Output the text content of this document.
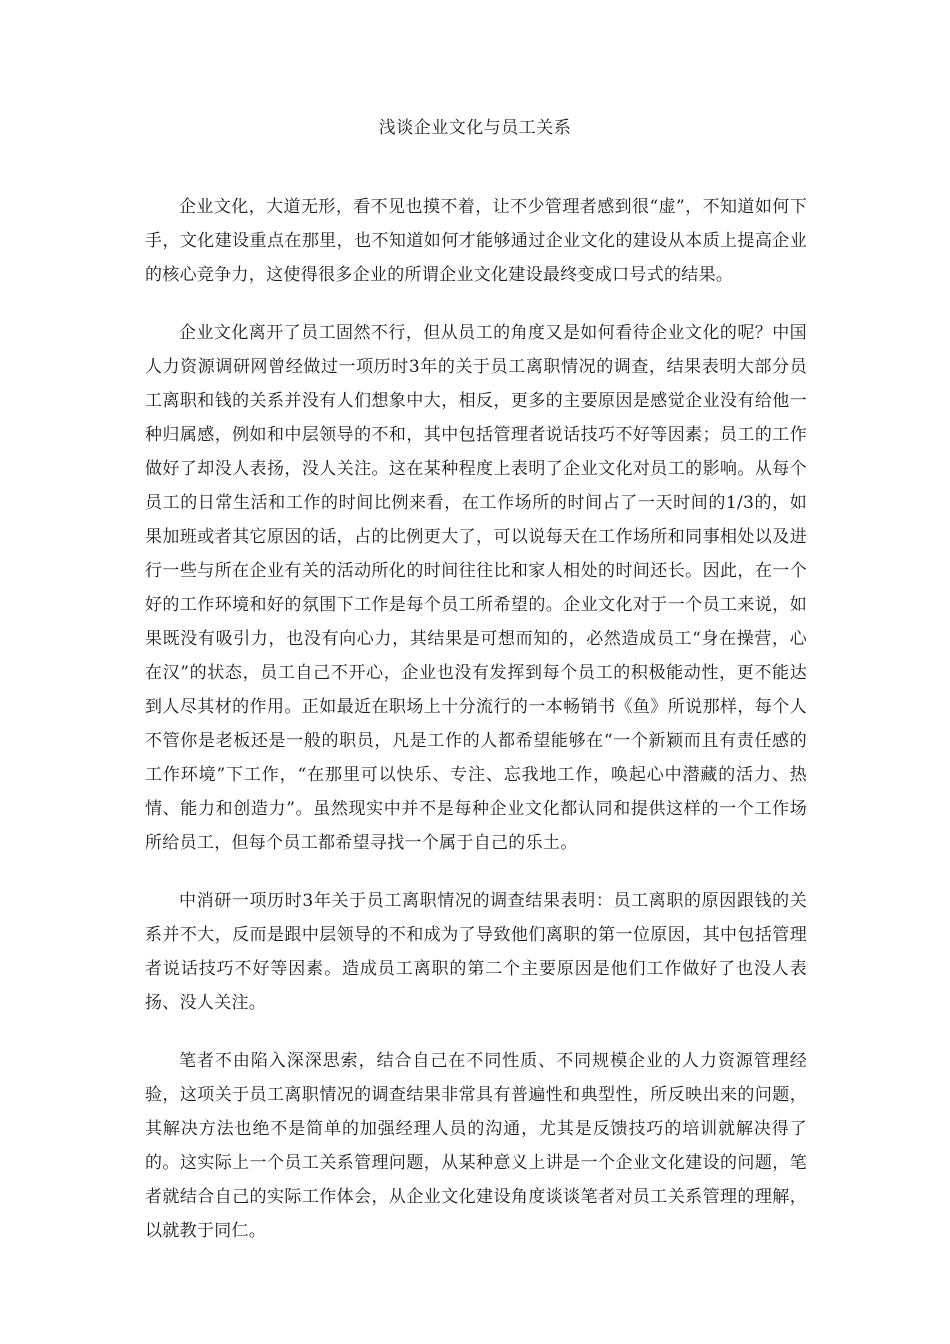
浅谈企业文化与员工关系

企业文化，大道无形，看不见也摸不着，让不少管理者感到很“虚”，不知道如何下手，文化建设重点在那里，也不知道如何才能够通过企业文化的建设从本质上提高企业的核心竞争力，这使得很多企业的所谓企业文化建设最终变成口号式的结果。

企业文化离开了员工固然不行，但从员工的角度又是如何看待企业文化的呢？中国人力资源调研网曾经做过一项历时3年的关于员工离职情况的调查，结果表明大部分员工离职和钱的关系并没有人们想象中大，相反，更多的主要原因是感觉企业没有给他一种归属感，例如和中层领导的不和，其中包括管理者说话技巧不好等因素；员工的工作做好了却没人表扬，没人关注。这在某种程度上表明了企业文化对员工的影响。从每个员工的日常生活和工作的时间比例来看，在工作场所的时间占了一天时间的1/3的，如果加班或者其它原因的话，占的比例更大了，可以说每天在工作场所和同事相处以及进行一些与所在企业有关的活动所化的时间往往比和家人相处的时间还长。因此，在一个好的工作环境和好的氛围下工作是每个员工所希望的。企业文化对于一个员工来说，如果既没有吸引力，也没有向心力，其结果是可想而知的，必然造成员工“身在操营，心在汉”的状态，员工自己不开心，企业也没有发挥到每个员工的积极能动性，更不能达到人尽其材的作用。正如最近在职场上十分流行的一本畅销书《鱼》所说那样，每个人不管你是老板还是一般的职员，凡是工作的人都希望能够在“一个新颖而且有责任感的工作环境”下工作，“在那里可以快乐、专注、忘我地工作，唤起心中潜藏的活力、热情、能力和创造力”。虽然现实中并不是每种企业文化都认同和提供这样的一个工作场所给员工，但每个员工都希望寻找一个属于自己的乐土。

中消研一项历时3年关于员工离职情况的调查结果表明：员工离职的原因跟钱的关系并不大，反而是跟中层领导的不和成为了导致他们离职的第一位原因，其中包括管理者说话技巧不好等因素。造成员工离职的第二个主要原因是他们工作做好了也没人表扬、没人关注。

笔者不由陷入深深思索，结合自己在不同性质、不同规模企业的人力资源管理经验，这项关于员工离职情况的调查结果非常具有普遍性和典型性，所反映出来的问题，其解决方法也绝不是简单的加强经理人员的沟通，尤其是反馈技巧的培训就解决得了的。这实际上一个员工关系管理问题，从某种意义上讲是一个企业文化建设的问题，笔者就结合自己的实际工作体会，从企业文化建设角度谈谈笔者对员工关系管理的理解，以就教于同仁。
